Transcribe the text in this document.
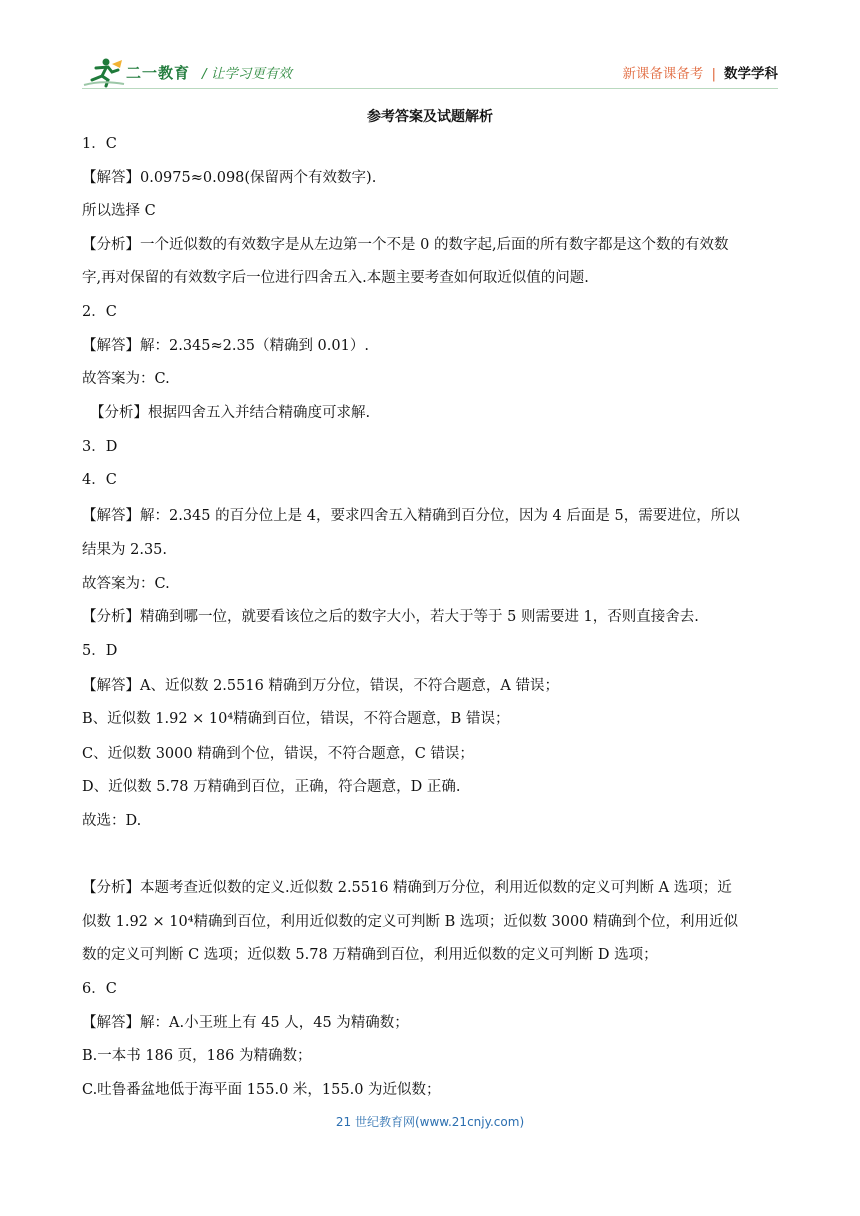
二一教育 / 让学习更有效	新课备课备考 | 数学学科
参考答案及试题解析
1．C
【解答】0.0975≈0.098(保留两个有效数字).
所以选择 C
【分析】一个近似数的有效数字是从左边第一个不是 0 的数字起,后面的所有数字都是这个数的有效数
字,再对保留的有效数字后一位进行四舍五入.本题主要考查如何取近似值的问题.
2．C
【解答】解：2.345≈2.35（精确到 0.01）.
故答案为：C.
【分析】根据四舍五入并结合精确度可求解.
3．D
4．C
【解答】解：2.345 的百分位上是 4，要求四舍五入精确到百分位，因为 4 后面是 5，需要进位，所以
结果为 2.35.
故答案为：C.
【分析】精确到哪一位，就要看该位之后的数字大小，若大于等于 5 则需要进 1，否则直接舍去.
5．D
【解答】A、近似数 2.5516 精确到万分位，错误，不符合题意，A 错误；
B、近似数 1.92 × 10⁴精确到百位，错误，不符合题意，B 错误；
C、近似数 3000 精确到个位，错误，不符合题意，C 错误；
D、近似数 5.78 万精确到百位，正确，符合题意，D 正确.
故选：D.
【分析】本题考查近似数的定义.近似数 2.5516 精确到万分位，利用近似数的定义可判断 A 选项；近
似数 1.92 × 10⁴精确到百位，利用近似数的定义可判断 B 选项；近似数 3000 精确到个位，利用近似
数的定义可判断 C 选项；近似数 5.78 万精确到百位，利用近似数的定义可判断 D 选项；
6．C
【解答】解：A.小王班上有 45 人，45 为精确数；
B.一本书 186 页，186 为精确数；
C.吐鲁番盆地低于海平面 155.0 米，155.0 为近似数；
21 世纪教育网(www.21cnjy.com)
